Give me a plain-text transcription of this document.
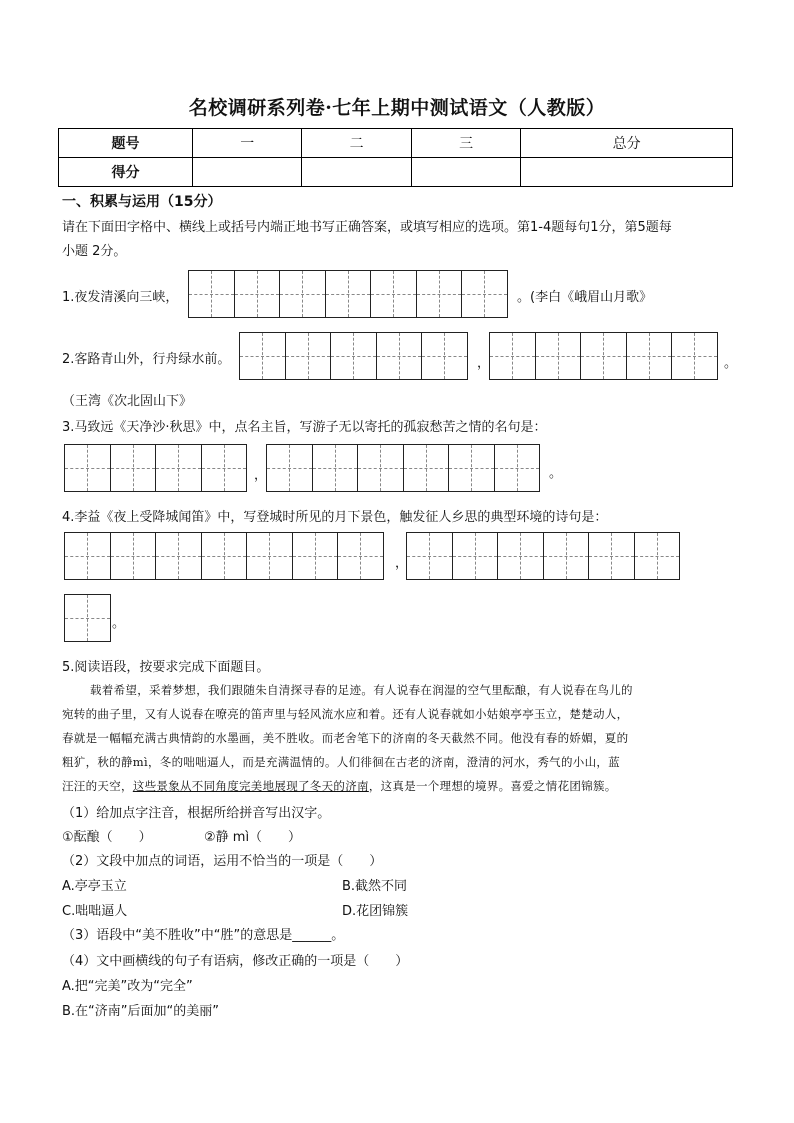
名校调研系列卷·七年上期中测试语文（人教版）
题号	一	二	三	总分
得分				
一、积累与运用（15分）
请在下面田字格中、横线上或括号内端正地书写正确答案，或填写相应的选项。第1-4题每句1分，第5题每
小题 2分。
1.夜发清溪向三峡，	。(李白《峨眉山月歌》
2.客路青山外，行舟绿水前。	，	。
（王湾《次北固山下》
3.马致远《天净沙·秋思》中，点名主旨，写游子无以寄托的孤寂愁苦之情的名句是：
，	。
4.李益《夜上受降城闻笛》中，写登城时所见的月下景色，触发征人乡思的典型环境的诗句是：
，
。
5.阅读语段，按要求完成下面题目。
载着希望，采着梦想，我们跟随朱自清探寻春的足迹。有人说春在润湿的空气里酝酿，有人说春在鸟儿的
宛转的曲子里，又有人说春在嘹亮的笛声里与轻风流水应和着。还有人说春就如小姑娘亭亭玉立，楚楚动人，
春就是一幅幅充满古典情韵的水墨画，美不胜收。而老舍笔下的济南的冬天截然不同。他没有春的娇媚，夏的
粗犷，秋的静mì，冬的咄咄逼人，而是充满温情的。人们徘徊在古老的济南，澄清的河水，秀气的小山，蓝
汪汪的天空，这些景象从不同角度完美地展现了冬天的济南，这真是一个理想的境界。喜爱之情花团锦簇。
（1）给加点字注音，根据所给拼音写出汉字。
①酝酿（　　）	②静 mì（　　）
（2）文段中加点的词语，运用不恰当的一项是（　　）
A.亭亭玉立	B.截然不同
C.咄咄逼人	D.花团锦簇
（3）语段中“美不胜收”中“胜”的意思是______。
（4）文中画横线的句子有语病，修改正确的一项是（　　）
A.把“完美”改为“完全”
B.在“济南”后面加“的美丽”
